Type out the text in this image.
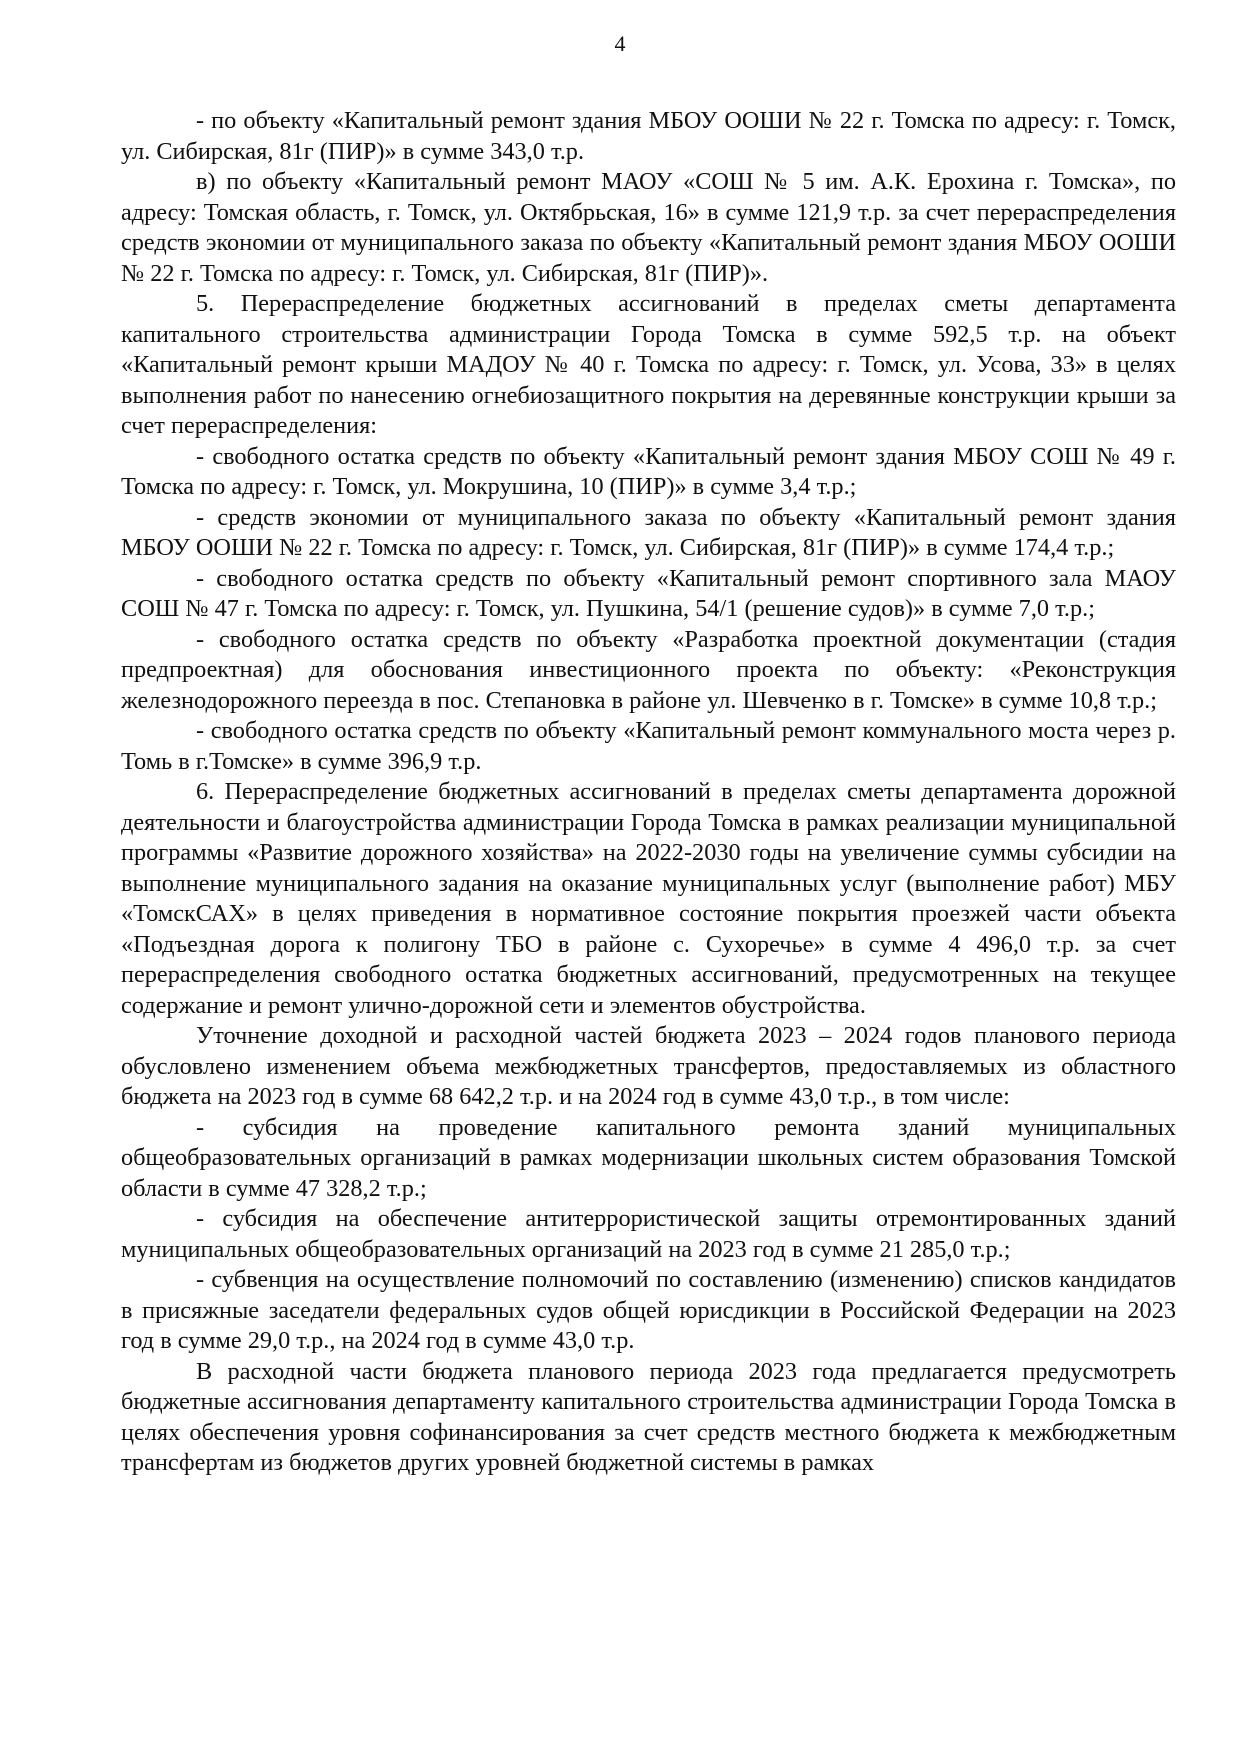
4

- по объекту «Капитальный ремонт здания МБОУ ООШИ № 22 г. Томска по адресу: г. Томск, ул. Сибирская, 81г (ПИР)» в сумме 343,0 т.р.

в) по объекту «Капитальный ремонт МАОУ «СОШ № 5 им. А.К. Ерохина г. Томска», по адресу: Томская область, г. Томск, ул. Октябрьская, 16» в сумме 121,9 т.р. за счет перераспределения средств экономии от муниципального заказа по объекту «Капитальный ремонт здания МБОУ ООШИ № 22 г. Томска по адресу: г. Томск, ул. Сибирская, 81г (ПИР)».

5. Перераспределение бюджетных ассигнований в пределах сметы департамента капитального строительства администрации Города Томска в сумме 592,5 т.р. на объект «Капитальный ремонт крыши МАДОУ № 40 г. Томска по адресу: г. Томск, ул. Усова, 33» в целях выполнения работ по нанесению огнебиозащитного покрытия на деревянные конструкции крыши за счет перераспределения:

- свободного остатка средств по объекту «Капитальный ремонт здания МБОУ СОШ № 49 г. Томска по адресу: г. Томск, ул. Мокрушина, 10 (ПИР)» в сумме 3,4 т.р.;

- средств экономии от муниципального заказа по объекту «Капитальный ремонт здания МБОУ ООШИ № 22 г. Томска по адресу: г. Томск, ул. Сибирская, 81г (ПИР)» в сумме 174,4 т.р.;

- свободного остатка средств по объекту «Капитальный ремонт спортивного зала МАОУ СОШ № 47 г. Томска по адресу: г. Томск, ул. Пушкина, 54/1 (решение судов)» в сумме 7,0 т.р.;

- свободного остатка средств по объекту «Разработка проектной документации (стадия предпроектная) для обоснования инвестиционного проекта по объекту: «Реконструкция железнодорожного переезда в пос. Степановка в районе ул. Шевченко в г. Томске» в сумме 10,8 т.р.;

- свободного остатка средств по объекту «Капитальный ремонт коммунального моста через р. Томь в г.Томске» в сумме 396,9 т.р.

6. Перераспределение бюджетных ассигнований в пределах сметы департамента дорожной деятельности и благоустройства администрации Города Томска в рамках реализации муниципальной программы «Развитие дорожного хозяйства» на 2022-2030 годы на увеличение суммы субсидии на выполнение муниципального задания на оказание муниципальных услуг (выполнение работ) МБУ «ТомскСАХ» в целях приведения в нормативное состояние покрытия проезжей части объекта «Подъездная дорога к полигону ТБО в районе с. Сухоречье» в сумме 4 496,0 т.р. за счет перераспределения свободного остатка бюджетных ассигнований, предусмотренных на текущее содержание и ремонт улично-дорожной сети и элементов обустройства.

Уточнение доходной и расходной частей бюджета 2023 – 2024 годов планового периода обусловлено изменением объема межбюджетных трансфертов, предоставляемых из областного бюджета на 2023 год в сумме 68 642,2 т.р. и на 2024 год в сумме 43,0 т.р., в том числе:

- субсидия на проведение капитального ремонта зданий муниципальных общеобразовательных организаций в рамках модернизации школьных систем образования Томской области в сумме 47 328,2 т.р.;

- субсидия на обеспечение антитеррористической защиты отремонтированных зданий муниципальных общеобразовательных организаций на 2023 год в сумме 21 285,0 т.р.;

- субвенция на осуществление полномочий по составлению (изменению) списков кандидатов в присяжные заседатели федеральных судов общей юрисдикции в Российской Федерации на 2023 год в сумме 29,0 т.р., на 2024 год в сумме 43,0 т.р.

В расходной части бюджета планового периода 2023 года предлагается предусмотреть бюджетные ассигнования департаменту капитального строительства администрации Города Томска в целях обеспечения уровня софинансирования за счет средств местного бюджета к межбюджетным трансфертам из бюджетов других уровней бюджетной системы в рамках
